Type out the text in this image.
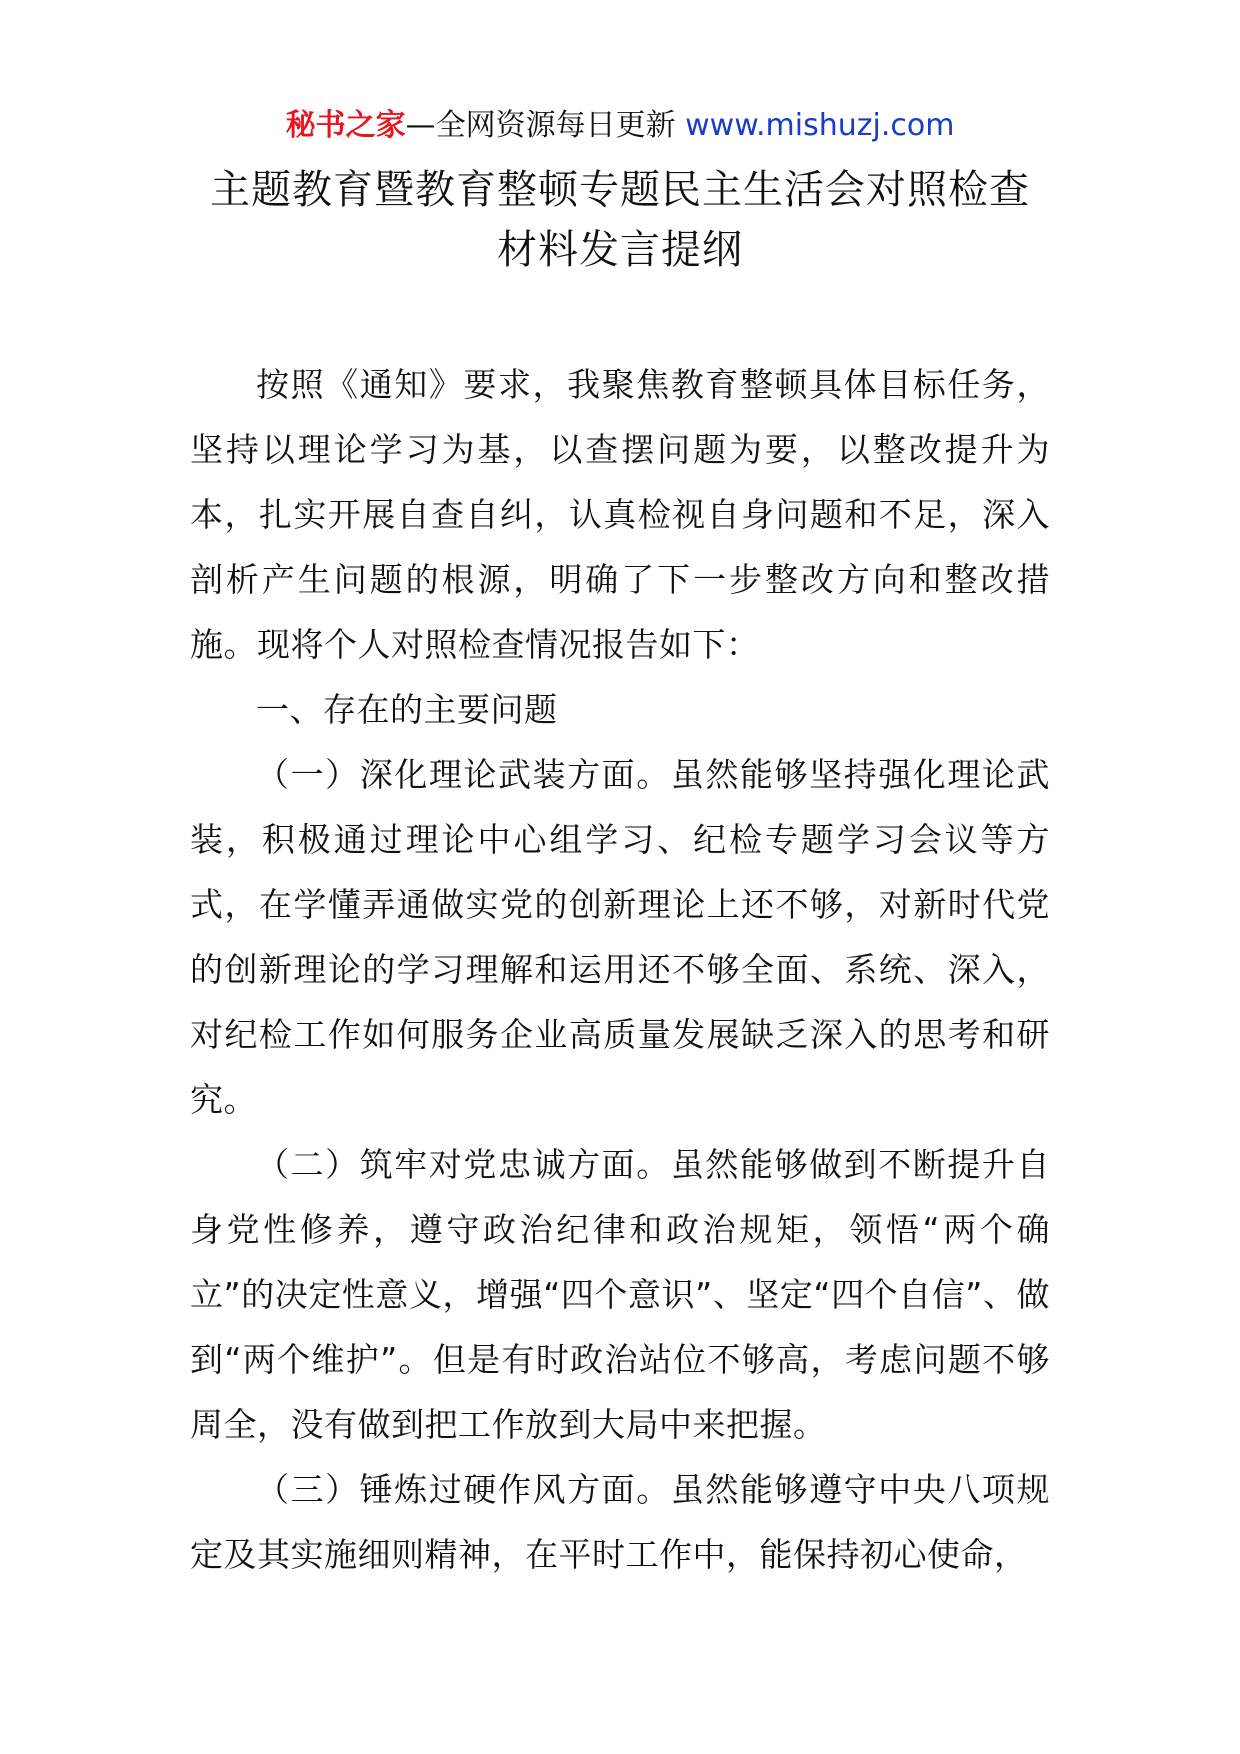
秘书之家—全网资源每日更新 www.mishuzj.com
主题教育暨教育整顿专题民主生活会对照检查
材料发言提纲

按照《通知》要求，我聚焦教育整顿具体目标任务，坚持以理论学习为基，以查摆问题为要，以整改提升为本，扎实开展自查自纠，认真检视自身问题和不足，深入剖析产生问题的根源，明确了下一步整改方向和整改措施。现将个人对照检查情况报告如下：

一、存在的主要问题

（一）深化理论武装方面。虽然能够坚持强化理论武装，积极通过理论中心组学习、纪检专题学习会议等方式，在学懂弄通做实党的创新理论上还不够，对新时代党的创新理论的学习理解和运用还不够全面、系统、深入，对纪检工作如何服务企业高质量发展缺乏深入的思考和研究。

（二）筑牢对党忠诚方面。虽然能够做到不断提升自身党性修养，遵守政治纪律和政治规矩，领悟“两个确立”的决定性意义，增强“四个意识”、坚定“四个自信”、做到“两个维护”。但是有时政治站位不够高，考虑问题不够周全，没有做到把工作放到大局中来把握。

（三）锤炼过硬作风方面。虽然能够遵守中央八项规定及其实施细则精神，在平时工作中，能保持初心使命，
